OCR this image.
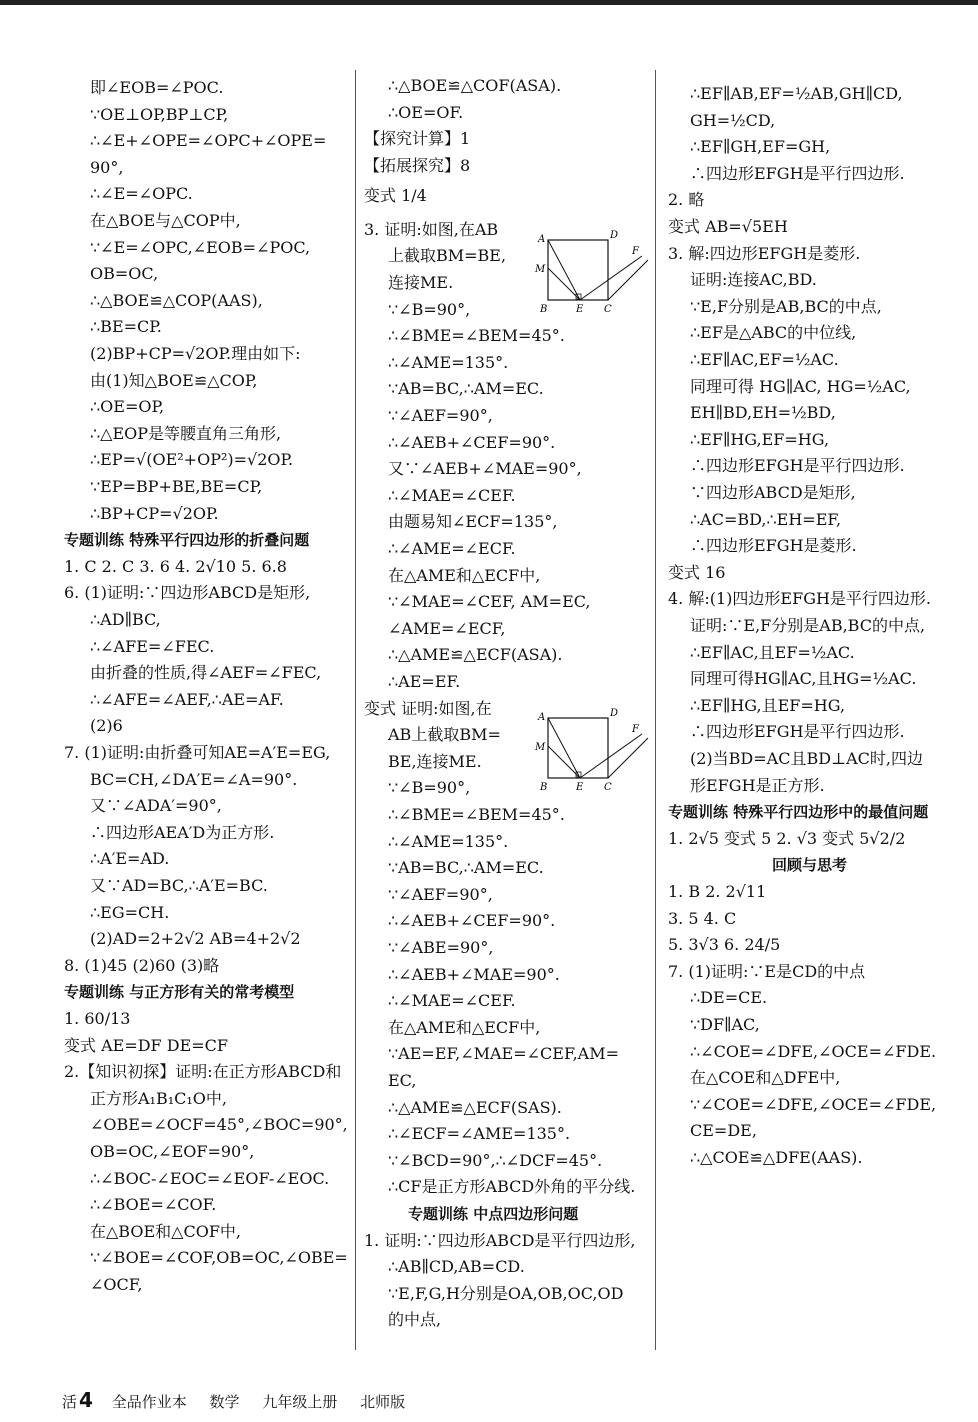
即∠EOB=∠POC.
∵OE⊥OP,BP⊥CP,
∴∠E+∠OPE=∠OPC+∠OPE=
90°,
∴∠E=∠OPC.
在△BOE与△COP中,
∵∠E=∠OPC,∠EOB=∠POC,
OB=OC,
∴△BOE≌△COP(AAS),
∴BE=CP.
(2)BP+CP=√2OP.理由如下:
由(1)知△BOE≌△COP,
∴OE=OP,
∴△EOP是等腰直角三角形,
∴EP=√(OE²+OP²)=√2OP.
∵EP=BP+BE,BE=CP,
∴BP+CP=√2OP.
专题训练 特殊平行四边形的折叠问题
1. C 2. C 3. 6 4. 2√10 5. 6.8
6. (1)证明:∵四边形ABCD是矩形,
∴AD∥BC,
∴∠AFE=∠FEC.
由折叠的性质,得∠AEF=∠FEC,
∴∠AFE=∠AEF,∴AE=AF.
(2)6
7. (1)证明:由折叠可知AE=A′E=EG,
BC=CH,∠DA′E=∠A=90°.
又∵∠ADA′=90°,
∴四边形AEA′D为正方形.
∴A′E=AD.
又∵AD=BC,∴A′E=BC.
∴EG=CH.
(2)AD=2+2√2 AB=4+2√2
8. (1)45 (2)60 (3)略
专题训练 与正方形有关的常考模型
1. 60/13
变式 AE=DF DE=CF
2.【知识初探】证明:在正方形ABCD和
正方形A₁B₁C₁O中,
∠OBE=∠OCF=45°,∠BOC=90°,
OB=OC,∠EOF=90°,
∴∠BOC-∠EOC=∠EOF-∠EOC.
∴∠BOE=∠COF.
在△BOE和△COF中,
∵∠BOE=∠COF,OB=OC,∠OBE=
∠OCF,
∴△BOE≌△COF(ASA).
∴OE=OF.
【探究计算】1
【拓展探究】8
变式 1/4
3. 证明:如图,在AB
上截取BM=BE,
连接ME.
∵∠B=90°,
∴∠BME=∠BEM=45°.
∴∠AME=135°.
∵AB=BC,∴AM=EC.
∵∠AEF=90°,
∴∠AEB+∠CEF=90°.
又∵∠AEB+∠MAE=90°,
∴∠MAE=∠CEF.
由题易知∠ECF=135°,
∴∠AME=∠ECF.
在△AME和△ECF中,
∵∠MAE=∠CEF, AM=EC,
∠AME=∠ECF,
∴△AME≌△ECF(ASA).
∴AE=EF.
变式 证明:如图,在
AB上截取BM=
BE,连接ME.
∵∠B=90°,
∴∠BME=∠BEM=45°.
∴∠AME=135°.
∵AB=BC,∴AM=EC.
∵∠AEF=90°,
∴∠AEB+∠CEF=90°.
∵∠ABE=90°,
∴∠AEB+∠MAE=90°.
∴∠MAE=∠CEF.
在△AME和△ECF中,
∵AE=EF,∠MAE=∠CEF,AM=
EC,
∴△AME≌△ECF(SAS).
∴∠ECF=∠AME=135°.
∵∠BCD=90°,∴∠DCF=45°.
∴CF是正方形ABCD外角的平分线.
专题训练 中点四边形问题
1. 证明:∵四边形ABCD是平行四边形,
∴AB∥CD,AB=CD.
∵E,F,G,H分别是OA,OB,OC,OD
的中点,
∴EF∥AB,EF=½AB,GH∥CD,
GH=½CD,
∴EF∥GH,EF=GH,
∴四边形EFGH是平行四边形.
2. 略
变式 AB=√5EH
3. 解:四边形EFGH是菱形.
证明:连接AC,BD.
∵E,F分别是AB,BC的中点,
∴EF是△ABC的中位线,
∴EF∥AC,EF=½AC.
同理可得 HG∥AC, HG=½AC,
EH∥BD,EH=½BD,
∴EF∥HG,EF=HG,
∴四边形EFGH是平行四边形.
∵四边形ABCD是矩形,
∴AC=BD,∴EH=EF,
∴四边形EFGH是菱形.
变式 16
4. 解:(1)四边形EFGH是平行四边形.
证明:∵E,F分别是AB,BC的中点,
∴EF∥AC,且EF=½AC.
同理可得HG∥AC,且HG=½AC.
∴EF∥HG,且EF=HG,
∴四边形EFGH是平行四边形.
(2)当BD=AC且BD⊥AC时,四边
形EFGH是正方形.
专题训练 特殊平行四边形中的最值问题
1. 2√5 变式 5 2. √3 变式 5√2/2
回顾与思考
1. B 2. 2√11
3. 5 4. C
5. 3√3 6. 24/5
7. (1)证明:∵E是CD的中点
∴DE=CE.
∵DF∥AC,
∴∠COE=∠DFE,∠OCE=∠FDE.
在△COE和△DFE中,
∵∠COE=∠DFE,∠OCE=∠FDE,
CE=DE,
∴△COE≌△DFE(AAS).
A	D
M
F
B	E C
A	D
M
F
B	E C
活 4 全品作业本 数学 九年级上册 北师版
